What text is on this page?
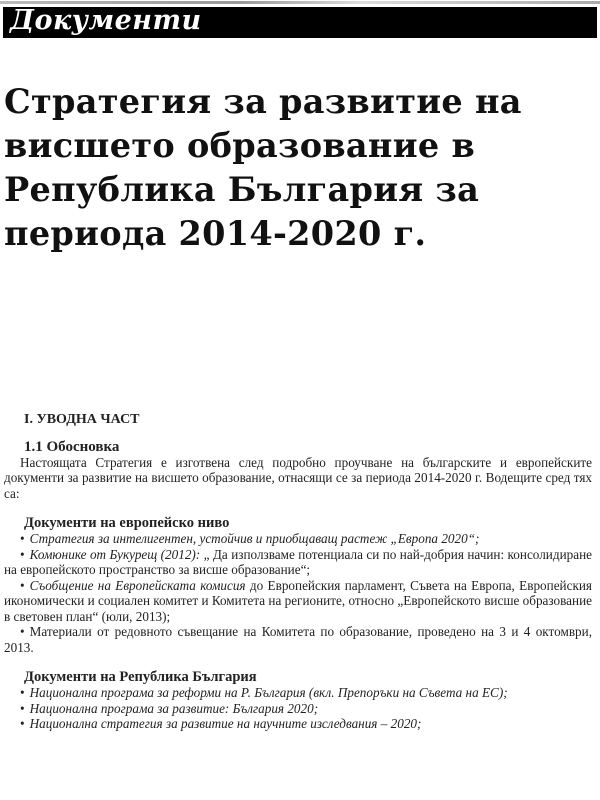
Документи
Стратегия за развитие на
висшето образование в
Република България за
периода 2014-2020 г.
I. УВОДНА ЧАСТ
1.1 Обосновка

Настоящата Стратегия е изготвена след подробно проучване на българските и европейските документи за развитие на висшето образование, отнасящи се за периода 2014-2020 г. Водещите сред тях са:

Документи на европейско ниво

• Стратегия за интелигентен, устойчив и приобщаващ растеж „Европа 2020“;

• Комюнике от Букурещ (2012): „ Да използваме потенциала си по най-добрия начин: консолидиране на европейското пространство за висше образование“;

• Съобщение на Европейската комисия до Европейския парламент, Съвета на Европа, Европейския икономически и социален комитет и Комитета на регионите, относно „Европейското висше образование в световен план“ (юли, 2013);

• Материали от редовното съвещание на Комитета по образование, проведено на 3 и 4 октомври, 2013.

Документи на Република България

• Национална програма за реформи на Р. България (вкл. Препоръки на Съвета на ЕС);

• Национална програма за развитие: България 2020;

• Национална стратегия за развитие на научните изследвания – 2020;
